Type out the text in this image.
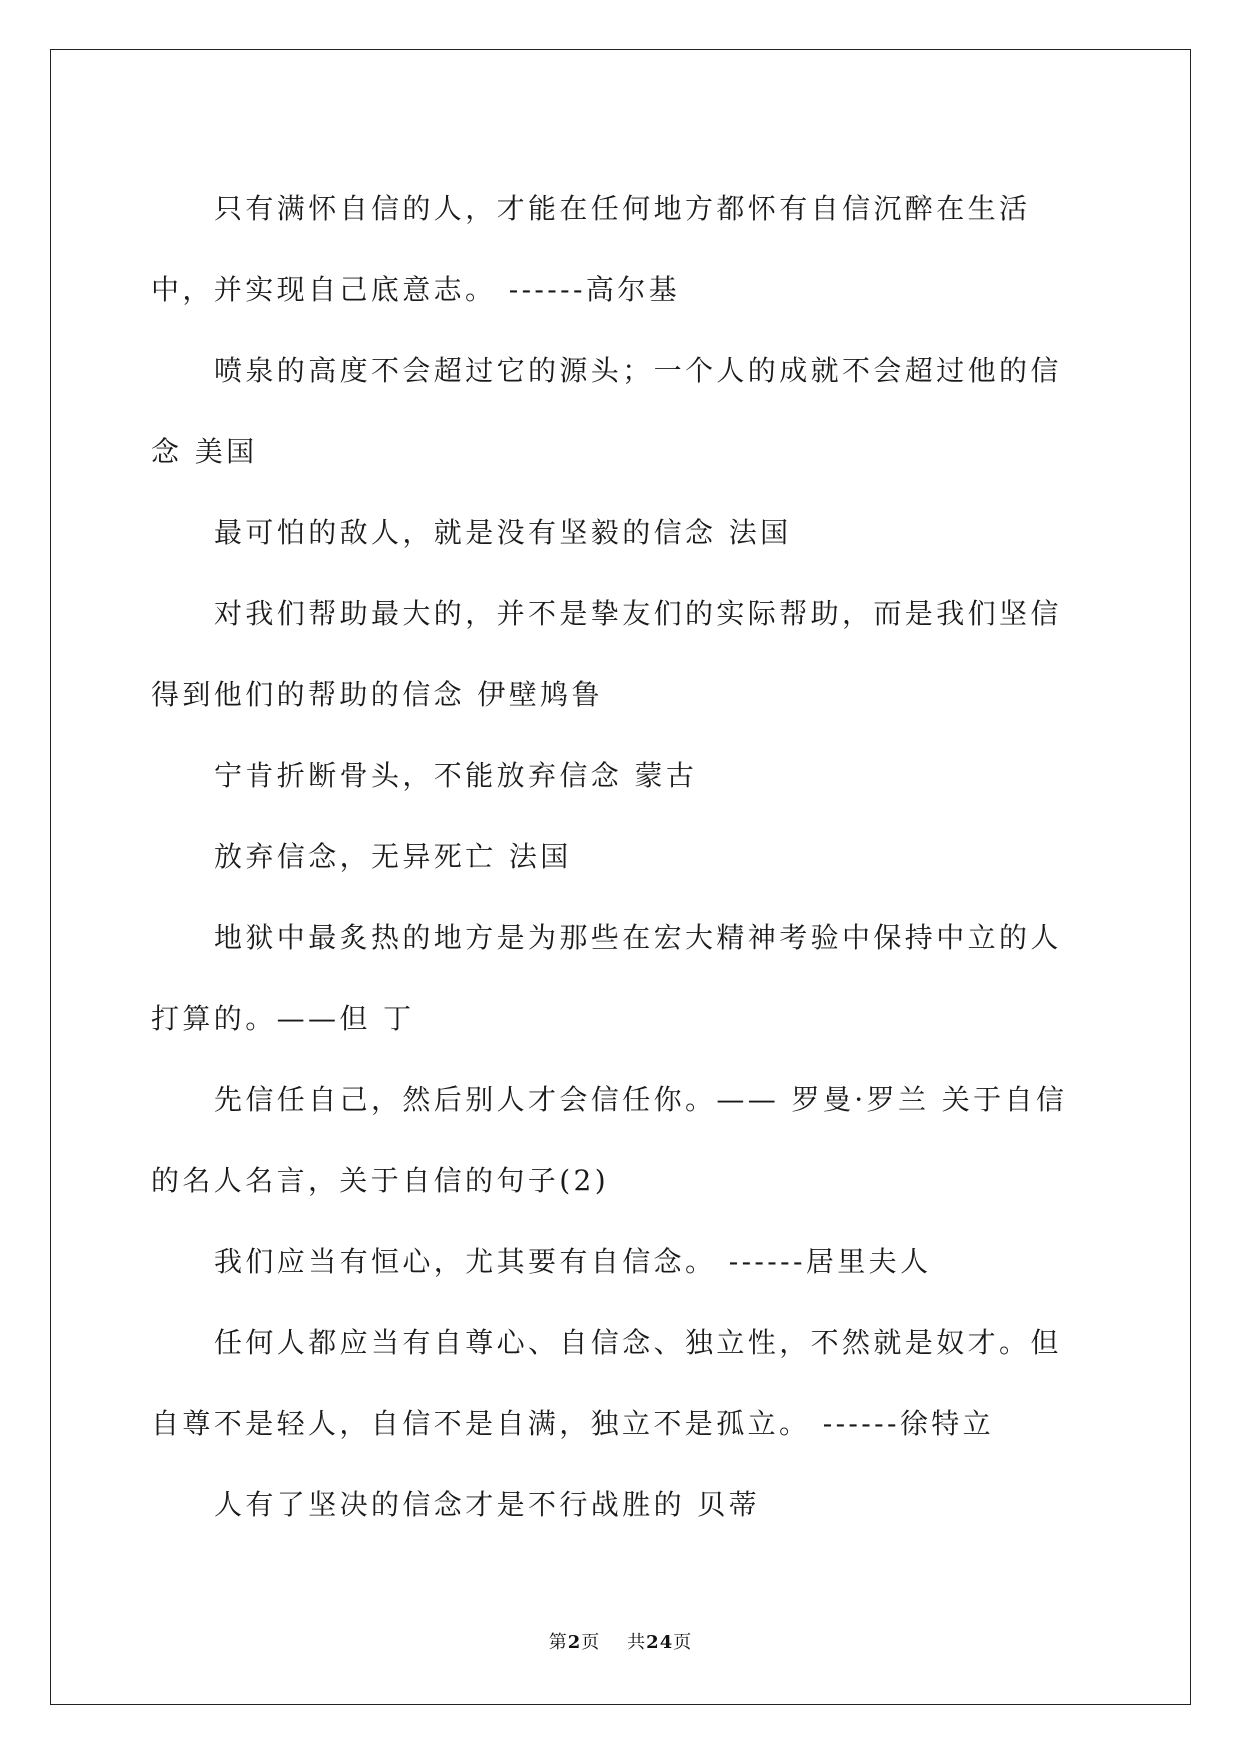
只有满怀自信的人，才能在任何地方都怀有自信沉醉在生活中，并实现自己底意志。 ------高尔基

喷泉的高度不会超过它的源头；一个人的成就不会超过他的信念 美国

最可怕的敌人，就是没有坚毅的信念 法国

对我们帮助最大的，并不是挚友们的实际帮助，而是我们坚信得到他们的帮助的信念 伊壁鸠鲁

宁肯折断骨头，不能放弃信念 蒙古

放弃信念，无异死亡 法国

地狱中最炙热的地方是为那些在宏大精神考验中保持中立的人打算的。——但 丁

先信任自己，然后别人才会信任你。—— 罗曼·罗兰 关于自信的名人名言，关于自信的句子(2)

我们应当有恒心，尤其要有自信念。 ------居里夫人

任何人都应当有自尊心、自信念、独立性，不然就是奴才。但自尊不是轻人，自信不是自满，独立不是孤立。 ------徐特立

人有了坚决的信念才是不行战胜的 贝蒂

第2页 共24页
